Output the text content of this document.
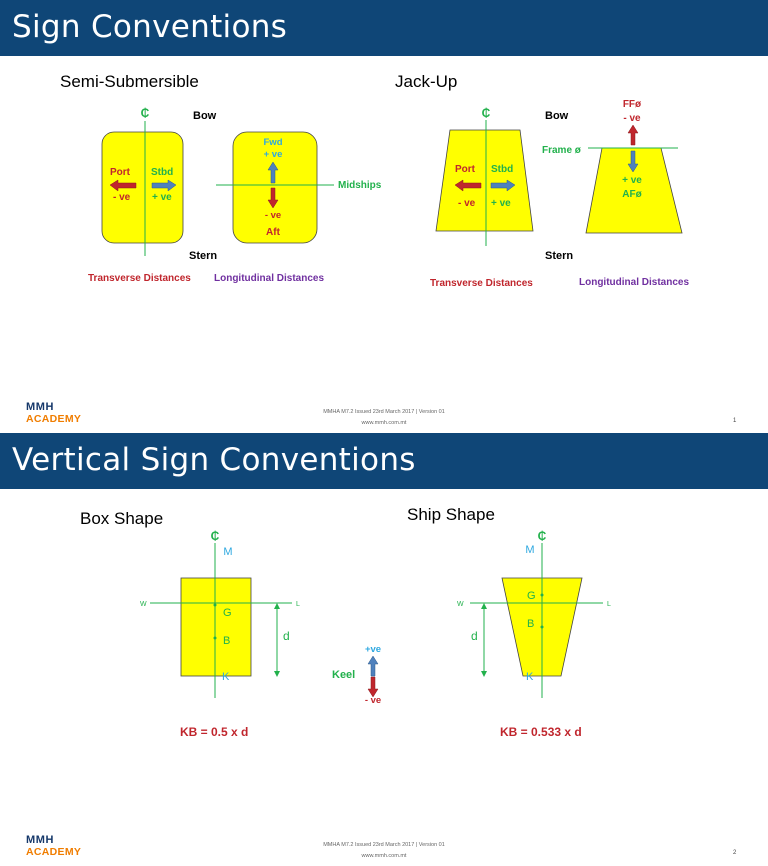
Sign Conventions
Semi-Submersible	Jack-Up
₵	Bow
Stern
Port
- ve
Stbd
+ ve
Midships
Fwd
+ ve
- ve
Aft
Transverse Distances Longitudinal Distances
₵	Bow
Stern
Port
- ve
Stbd
+ ve
Frame ø
FFø
- ve
+ ve
AFø
Transverse Distances	Longitudinal Distances
MMH
ACADEMY
MMHA M7.2 Issued 23rd March 2017 | Version 01
www.mmh.com.mt	1
Vertical Sign Conventions
Box Shape	Ship Shape
₵
M
W	L
G
B
K
d
KB = 0.5 x d
+ve
- ve
Keel
₵
M
W	L
G
B
K
d
KB = 0.533 x d
MMH
ACADEMY
MMHA M7.2 Issued 23rd March 2017 | Version 01
www.mmh.com.mt	2
